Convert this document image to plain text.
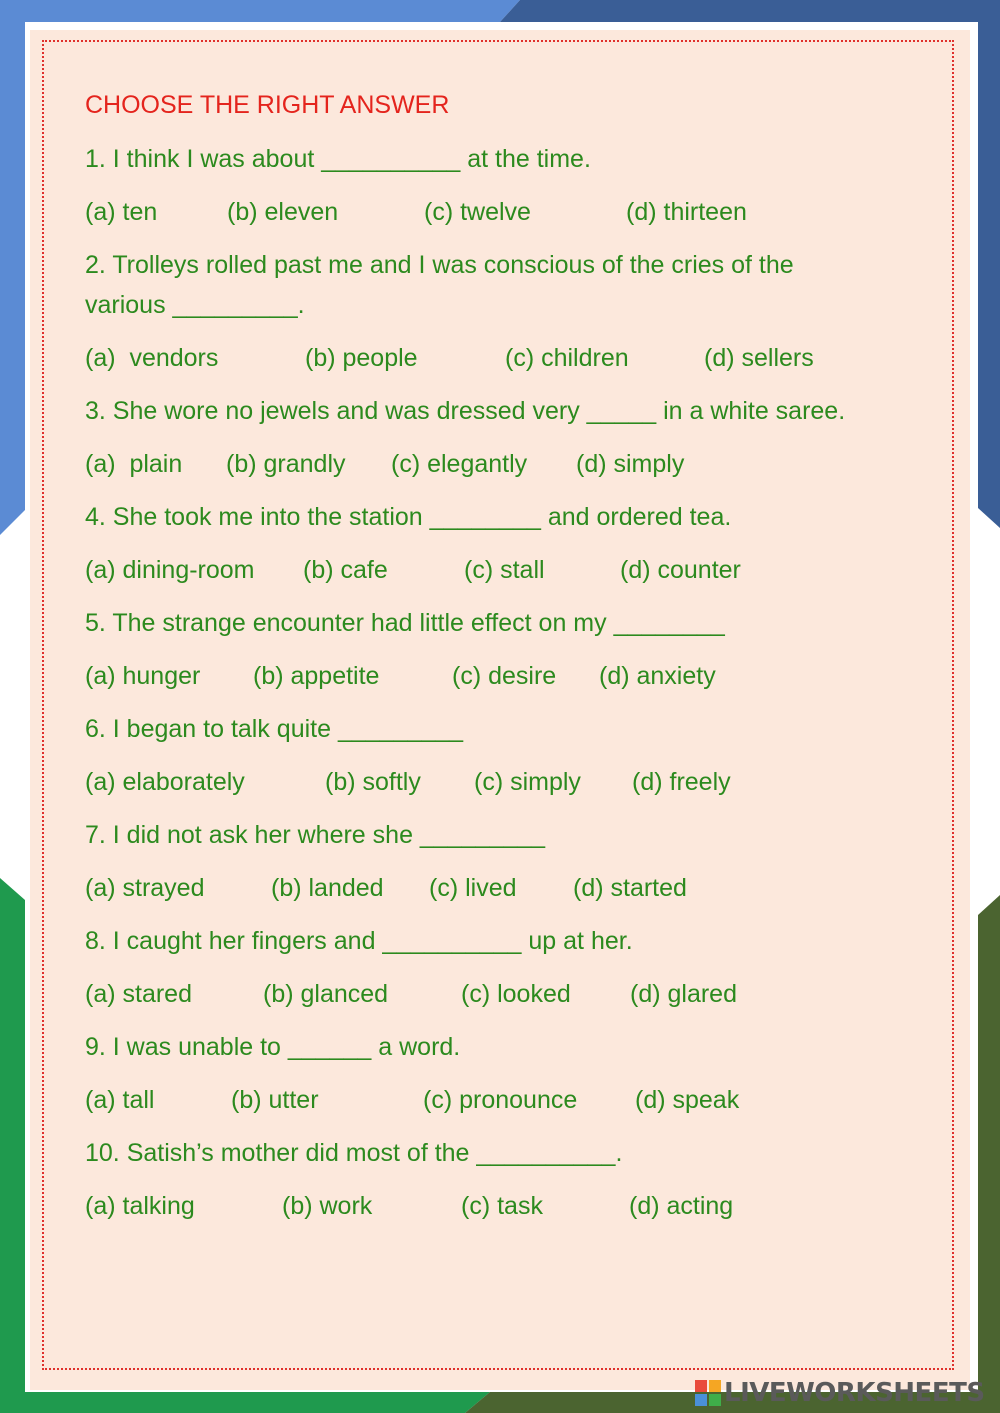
CHOOSE THE RIGHT ANSWER
1. I think I was about __________ at the time.
(a) ten	(b) eleven	(c) twelve	(d) thirteen
2. Trolleys rolled past me and I was conscious of the cries of the
various _________.
(a)  vendors	(b) people	(c) children	(d) sellers
3. She wore no jewels and was dressed very _____ in a white saree.
(a)  plain (b) grandly (c) elegantly (d) simply
4. She took me into the station ________ and ordered tea.
(a) dining-room (b) cafe	(c) stall	(d) counter
5. The strange encounter had little effect on my ________
(a) hunger (b) appetite	(c) desire (d) anxiety
6. I began to talk quite _________
(a) elaborately	(b) softly (c) simply (d) freely
7. I did not ask her where she _________
(a) strayed	(b) landed (c) lived (d) started
8. I caught her fingers and __________ up at her.
(a) stared	(b) glanced	(c) looked (d) glared
9. I was unable to ______ a word.
(a) tall	(b) utter	(c) pronounce (d) speak
10. Satish’s mother did most of the __________.
(a) talking	(b) work	(c) task	(d) acting
LIVEWORKSHEETS
